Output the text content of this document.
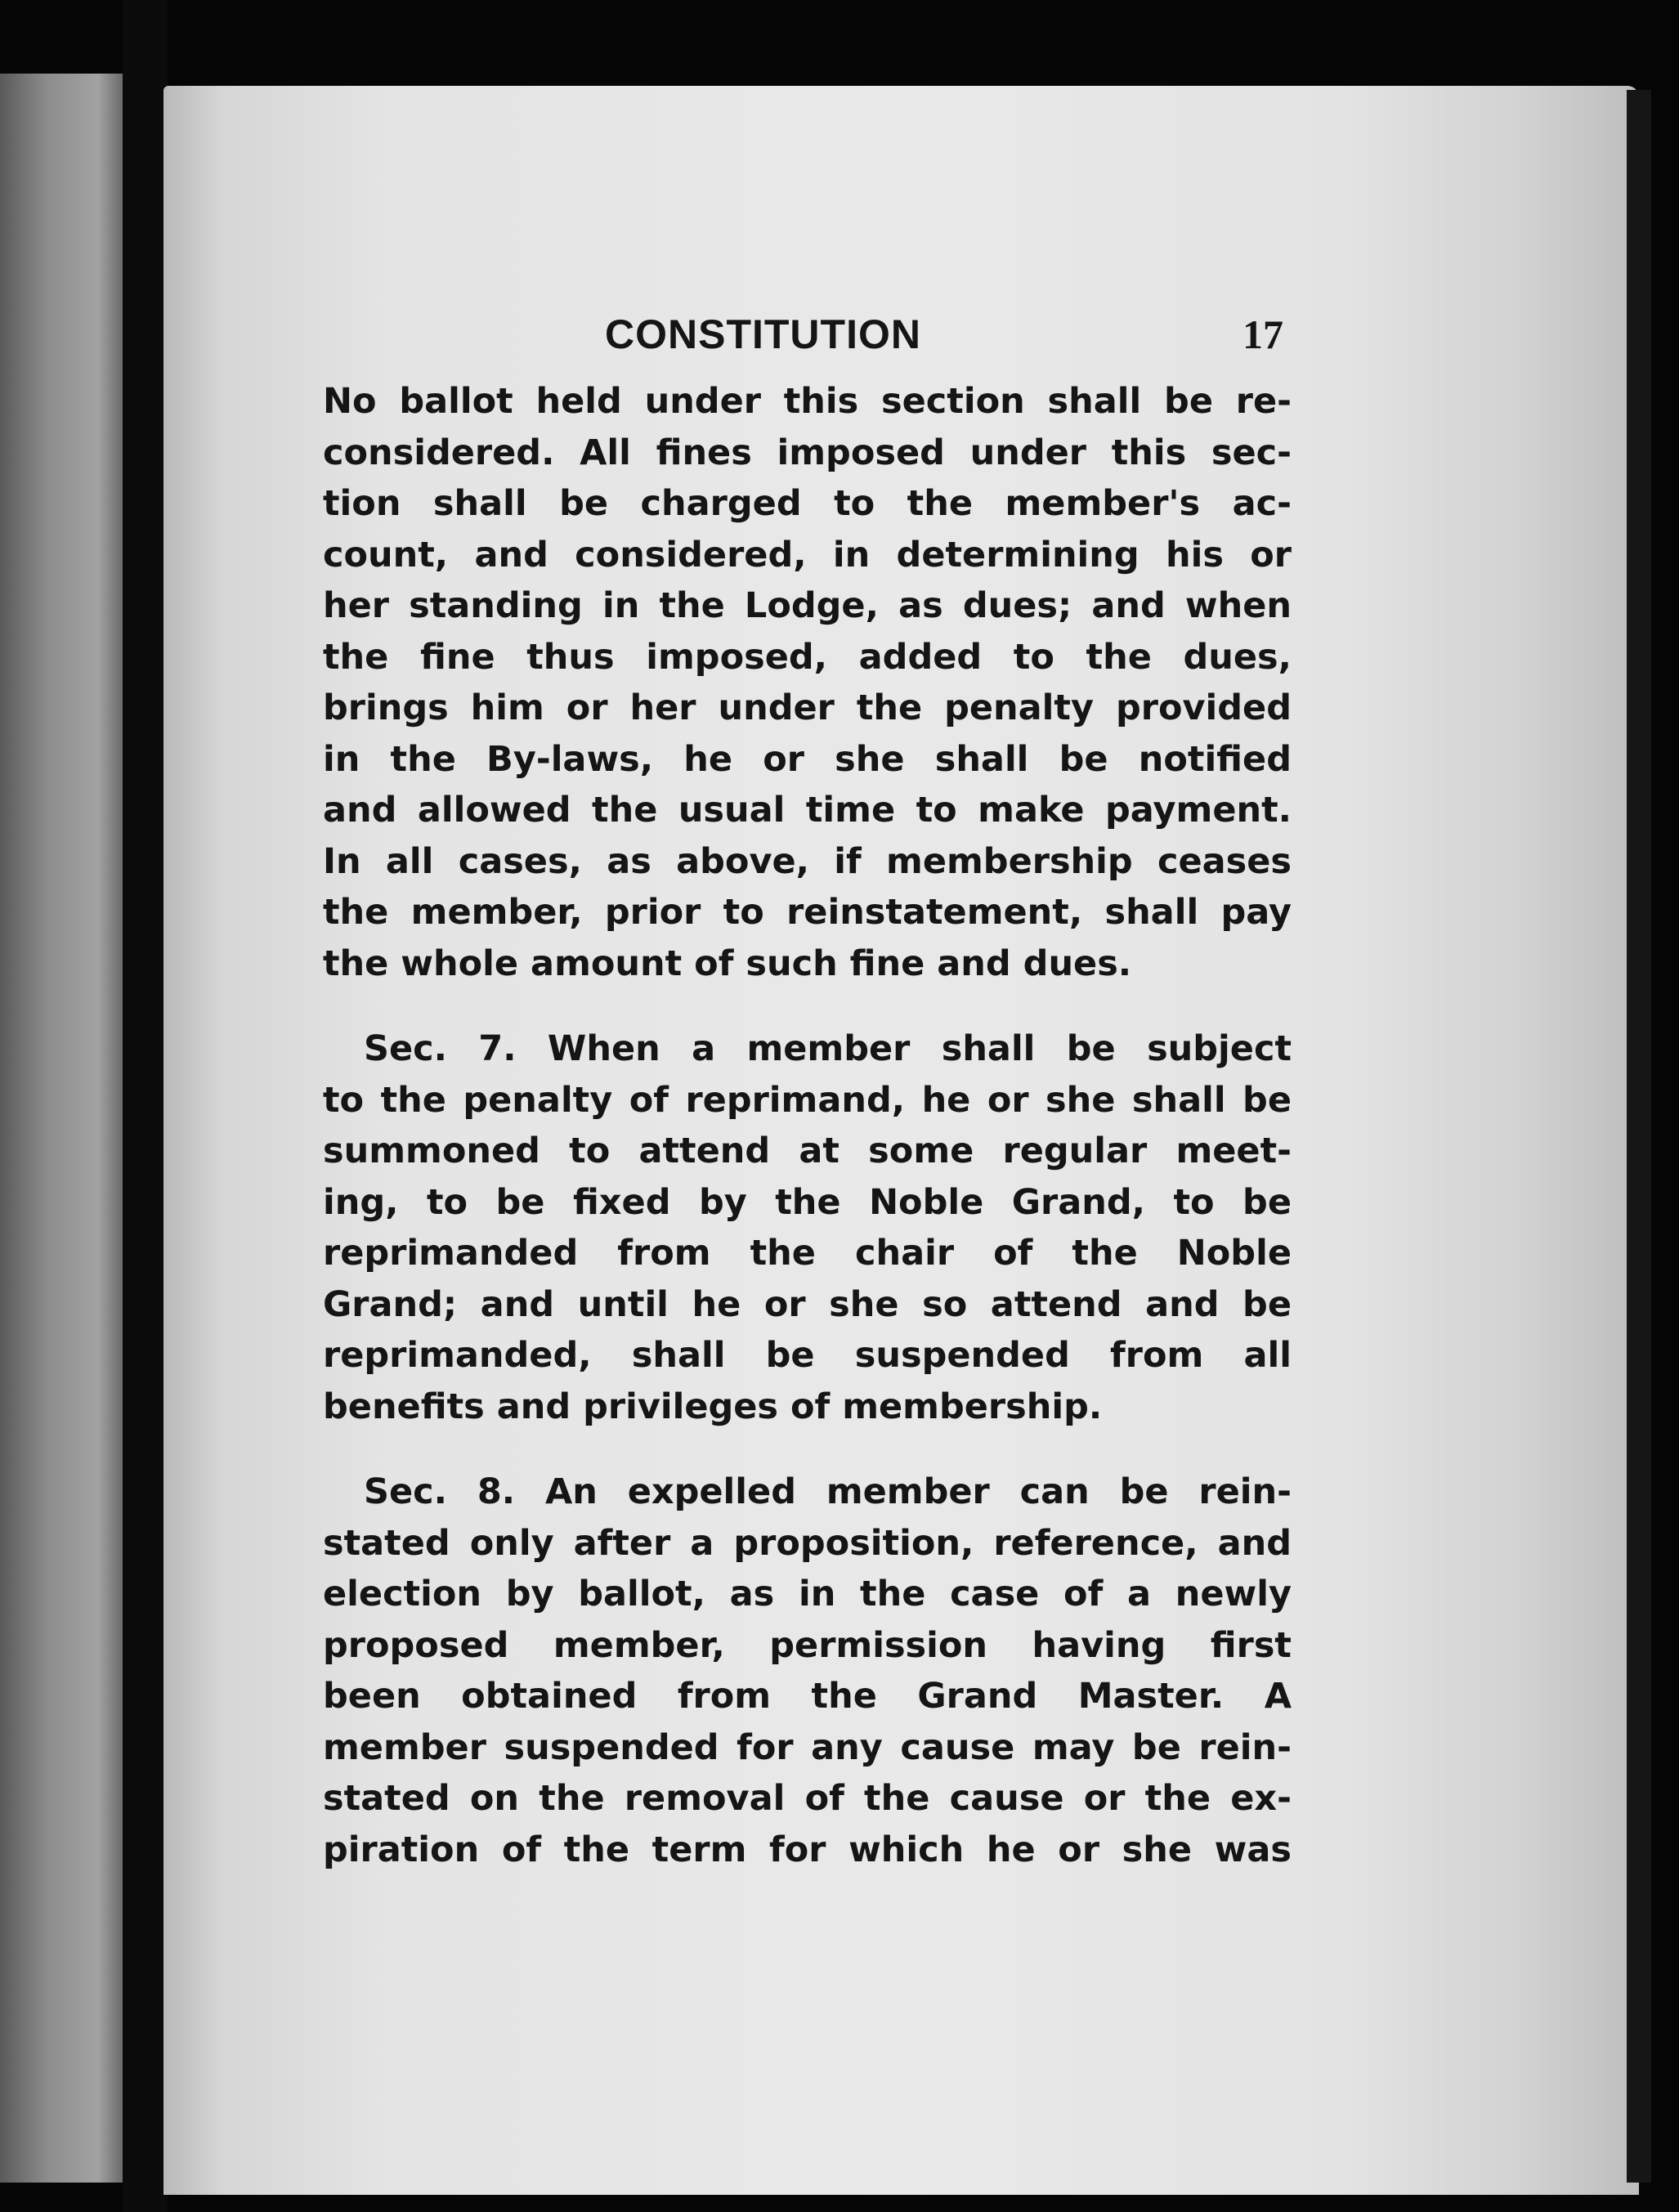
CONSTITUTION	17
No ballot held under this section shall be re-
considered. All fines imposed under this sec-
tion shall be charged to the member's ac-
count, and considered, in determining his or
her standing in the Lodge, as dues; and when
the fine thus imposed, added to the dues,
brings him or her under the penalty provided
in the By-laws, he or she shall be notified
and allowed the usual time to make payment.
In all cases, as above, if membership ceases
the member, prior to reinstatement, shall pay
the whole amount of such fine and dues.
Sec. 7. When a member shall be subject
to the penalty of reprimand, he or she shall be
summoned to attend at some regular meet-
ing, to be fixed by the Noble Grand, to be
reprimanded from the chair of the Noble
Grand; and until he or she so attend and be
reprimanded, shall be suspended from all
benefits and privileges of membership.
Sec. 8. An expelled member can be rein-
stated only after a proposition, reference, and
election by ballot, as in the case of a newly
proposed member, permission having first
been obtained from the Grand Master. A
member suspended for any cause may be rein-
stated on the removal of the cause or the ex-
piration of the term for which he or she was
